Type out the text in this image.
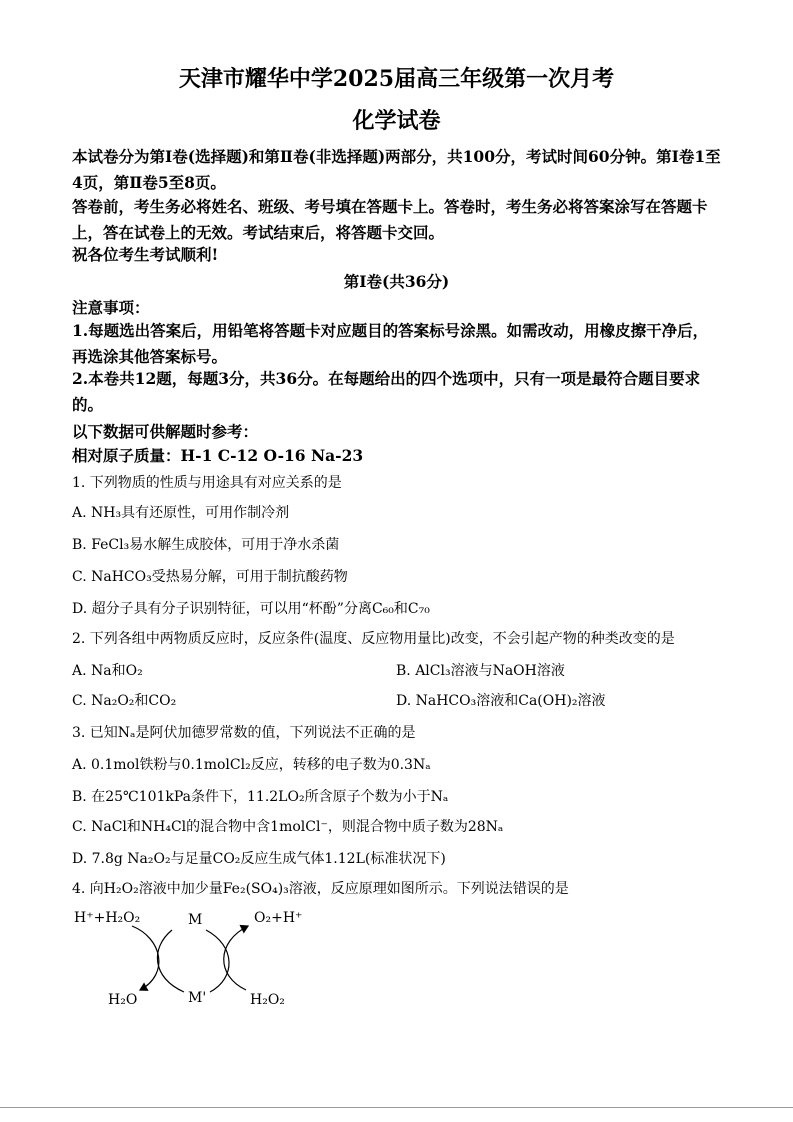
天津市耀华中学2025届高三年级第一次月考
化学试卷

本试卷分为第Ⅰ卷(选择题)和第Ⅱ卷(非选择题)两部分，共100分，考试时间60分钟。第Ⅰ卷1至4页，第Ⅱ卷5至8页。

答卷前，考生务必将姓名、班级、考号填在答题卡上。答卷时，考生务必将答案涂写在答题卡上，答在试卷上的无效。考试结束后，将答题卡交回。

祝各位考生考试顺利!

第Ⅰ卷(共36分)
注意事项：

1.每题选出答案后，用铅笔将答题卡对应题目的答案标号涂黑。如需改动，用橡皮擦干净后，再选涂其他答案标号。

2.本卷共12题，每题3分，共36分。在每题给出的四个选项中，只有一项是最符合题目要求的。

以下数据可供解题时参考：
相对原子质量：H-1 C-12 O-16 Na-23
1. 下列物质的性质与用途具有对应关系的是
A. NH₃具有还原性，可用作制冷剂
B. FeCl₃易水解生成胶体，可用于净水杀菌
C. NaHCO₃受热易分解，可用于制抗酸药物
D. 超分子具有分子识别特征，可以用“杯酚”分离C₆₀和C₇₀
2. 下列各组中两物质反应时，反应条件(温度、反应物用量比)改变，不会引起产物的种类改变的是
A. Na和O₂	B. AlCl₃溶液与NaOH溶液
C. Na₂O₂和CO₂	D. NaHCO₃溶液和Ca(OH)₂溶液
3. 已知Nₐ是阿伏加德罗常数的值，下列说法不正确的是
A. 0.1mol铁粉与0.1molCl₂反应，转移的电子数为0.3Nₐ
B. 在25℃101kPa条件下，11.2LO₂所含原子个数为小于Nₐ
C. NaCl和NH₄Cl的混合物中含1molCl⁻，则混合物中质子数为28Nₐ
D. 7.8g Na₂O₂与足量CO₂反应生成气体1.12L(标准状况下)
4. 向H₂O₂溶液中加少量Fe₂(SO₄)₃溶液，反应原理如图所示。下列说法错误的是
H⁺+H₂O₂	M	O₂+H⁺
H₂O	M'	H₂O₂
